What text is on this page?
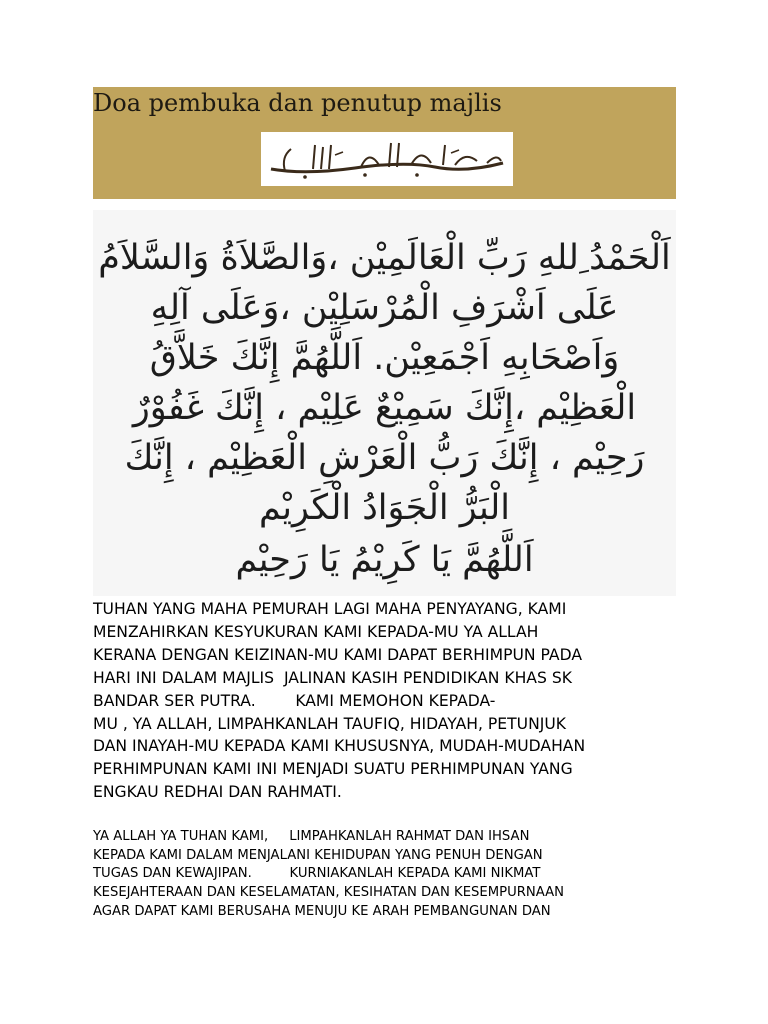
Doa pembuka dan penutup majlis
اَلْحَمْدُ ِللهِ رَبِّ الْعَالَمِيْن ،وَالصَّلاَةُ وَالسَّلاَمُ
عَلَى اَشْرَفِ الْمُرْسَلِيْن ،وَعَلَى آلِهِ
وَاَصْحَابِهِ اَجْمَعِيْن. اَللَّهُمَّ إِنَّكَ خَلاَّقُ
الْعَظِيْم ،إِنَّكَ سَمِيْعٌ عَلِيْم ، إِنَّكَ غَفُوْرٌ
رَحِيْم ، إِنَّكَ رَبُّ الْعَرْشِ الْعَظِيْم ، إِنَّكَ
الْبَرُّ الْجَوَادُ الْكَرِيْم
اَللَّهُمَّ يَا كَرِيْمُ يَا رَحِيْم
TUHAN YANG MAHA PEMURAH LAGI MAHA PENYAYANG, KAMI
MENZAHIRKAN KESYUKURAN KAMI KEPADA-MU YA ALLAH
KERANA DENGAN KEIZINAN-MU KAMI DAPAT BERHIMPUN PADA
HARI INI DALAM MAJLIS  JALINAN KASIH PENDIDIKAN KHAS SK
BANDAR SER PUTRA.        KAMI MEMOHON KEPADA-
MU , YA ALLAH, LIMPAHKANLAH TAUFIQ, HIDAYAH, PETUNJUK
DAN INAYAH-MU KEPADA KAMI KHUSUSNYA, MUDAH-MUDAHAN
PERHIMPUNAN KAMI INI MENJADI SUATU PERHIMPUNAN YANG
ENGKAU REDHAI DAN RAHMATI.
YA ALLAH YA TUHAN KAMI,     LIMPAHKANLAH RAHMAT DAN IHSAN
KEPADA KAMI DALAM MENJALANI KEHIDUPAN YANG PENUH DENGAN
TUGAS DAN KEWAJIPAN.         KURNIAKANLAH KEPADA KAMI NIKMAT
KESEJAHTERAAN DAN KESELAMATAN, KESIHATAN DAN KESEMPURNAAN
AGAR DAPAT KAMI BERUSAHA MENUJU KE ARAH PEMBANGUNAN DAN
